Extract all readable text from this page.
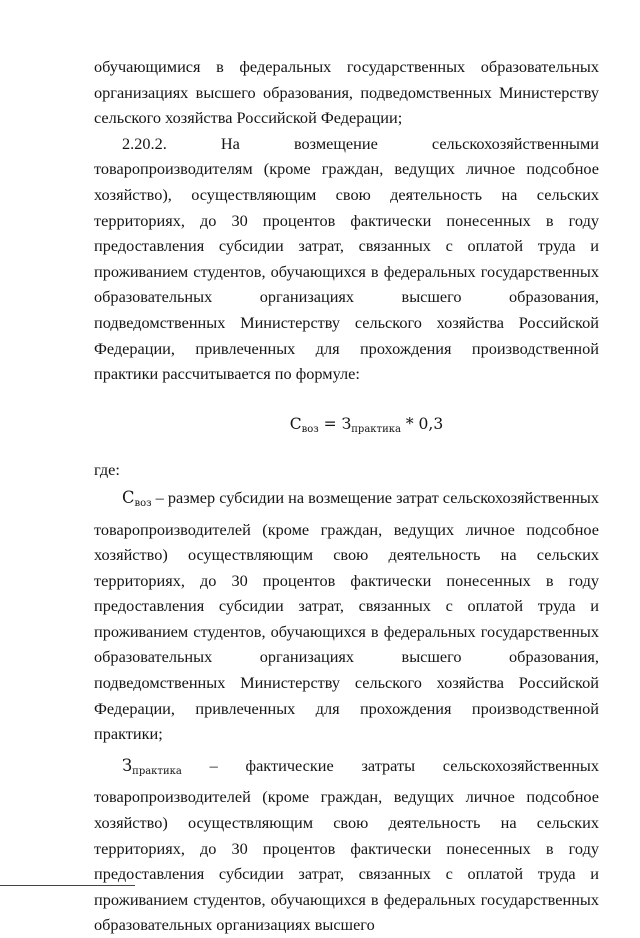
обучающимися в федеральных государственных образовательных организациях высшего образования, подведомственных Министерству сельского хозяйства Российской Федерации;

2.20.2. На возмещение сельскохозяйственными товаропроизводителям (кроме граждан, ведущих личное подсобное хозяйство), осуществляющим свою деятельность на сельских территориях, до 30 процентов фактически понесенных в году предоставления субсидии затрат, связанных с оплатой труда и проживанием студентов, обучающихся в федеральных государственных образовательных организациях высшего образования, подведомственных Министерству сельского хозяйства Российской Федерации, привлеченных для прохождения производственной практики рассчитывается по формуле:

$С_{воз} = З_{практика} * 0,3$

где:

Своз – размер субсидии на возмещение затрат сельскохозяйственных товаропроизводителей (кроме граждан, ведущих личное подсобное хозяйство) осуществляющим свою деятельность на сельских территориях, до 30 процентов фактически понесенных в году предоставления субсидии затрат, связанных с оплатой труда и проживанием студентов, обучающихся в федеральных государственных образовательных организациях высшего образования, подведомственных Министерству сельского хозяйства Российской Федерации, привлеченных для прохождения производственной практики;

Зпрактика – фактические затраты сельскохозяйственных товаропроизводителей (кроме граждан, ведущих личное подсобное хозяйство) осуществляющим свою деятельность на сельских территориях, до 30 процентов фактически понесенных в году предоставления субсидии затрат, связанных с оплатой труда и проживанием студентов, обучающихся в федеральных государственных образовательных организациях высшего
